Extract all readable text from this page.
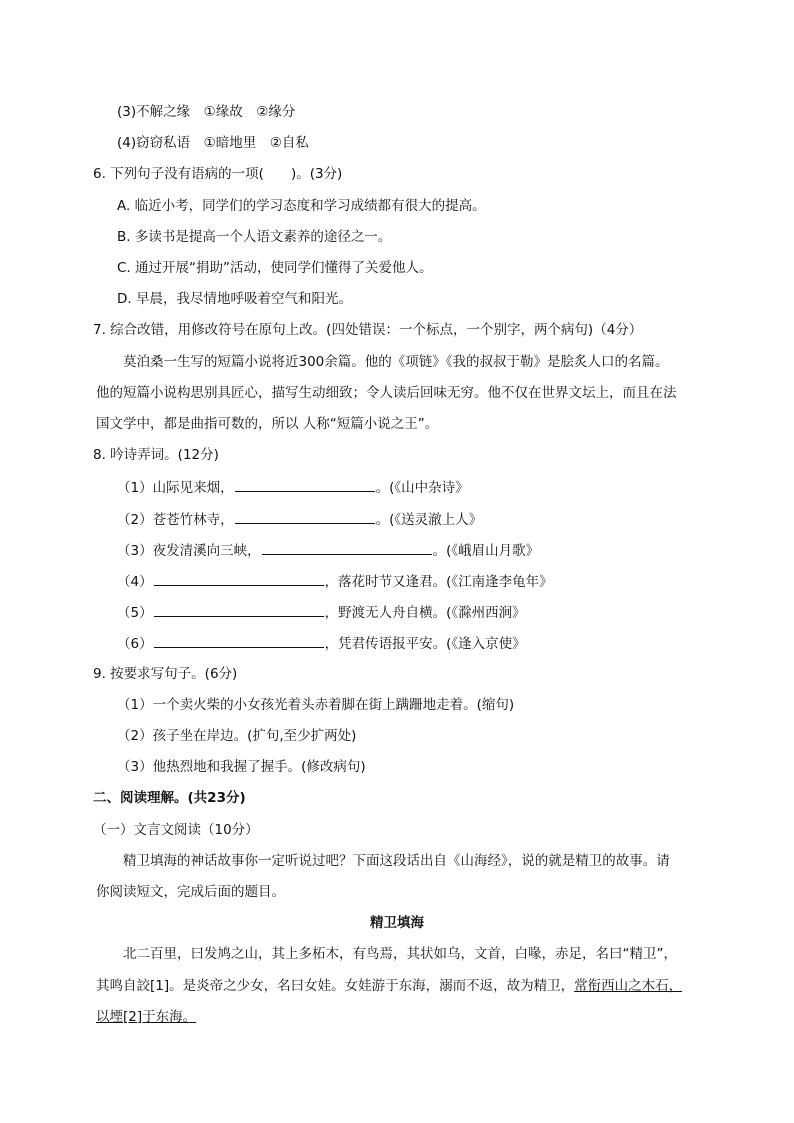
(3)不解之缘　①缘故　②缘分
(4)窃窃私语　①暗地里　②自私
6. 下列句子没有语病的一项(　　)。(3分)
A. 临近小考，同学们的学习态度和学习成绩都有很大的提高。
B. 多读书是提高一个人语文素养的途径之一。
C. 通过开展“捐助”活动，使同学们懂得了关爱他人。
D. 早晨，我尽情地呼吸着空气和阳光。
7. 综合改错，用修改符号在原句上改。(四处错误：一个标点，一个别字，两个病句)（4分）
莫泊桑一生写的短篇小说将近300余篇。他的《项链》《我的叔叔于勒》是脍炙人口的名篇。
他的短篇小说构思别具匠心，描写生动细致；令人读后回味无穷。他不仅在世界文坛上，而且在法
国文学中，都是曲指可数的，所以 人称“短篇小说之王”。
8. 吟诗弄词。(12分)
（1）山际见来烟，	。(《山中杂诗》
（2）苍苍竹林寺，	。(《送灵澈上人》
（3）夜发清溪向三峡，	。(《峨眉山月歌》
（4）	，落花时节又逢君。(《江南逢李龟年》
（5）	，野渡无人舟自横。(《滁州西涧》
（6）	，凭君传语报平安。(《逢入京使》
9. 按要求写句子。(6分)
（1）一个卖火柴的小女孩光着头赤着脚在街上蹒跚地走着。(缩句)
（2）孩子坐在岸边。(扩句,至少扩两处)
（3）他热烈地和我握了握手。(修改病句)
二、阅读理解。(共23分)
（一）文言文阅读（10分）
精卫填海的神话故事你一定听说过吧？下面这段话出自《山海经》，说的就是精卫的故事。请
你阅读短文，完成后面的题目。
精卫填海
北二百里，曰发鸠之山，其上多柘木，有鸟焉，其状如乌，文首，白喙，赤足，名曰“精卫”，
其鸣自詨[1]。是炎帝之少女，名曰女娃。女娃游于东海，溺而不返，故为精卫，常衔西山之木石，
以堙[2]于东海。
